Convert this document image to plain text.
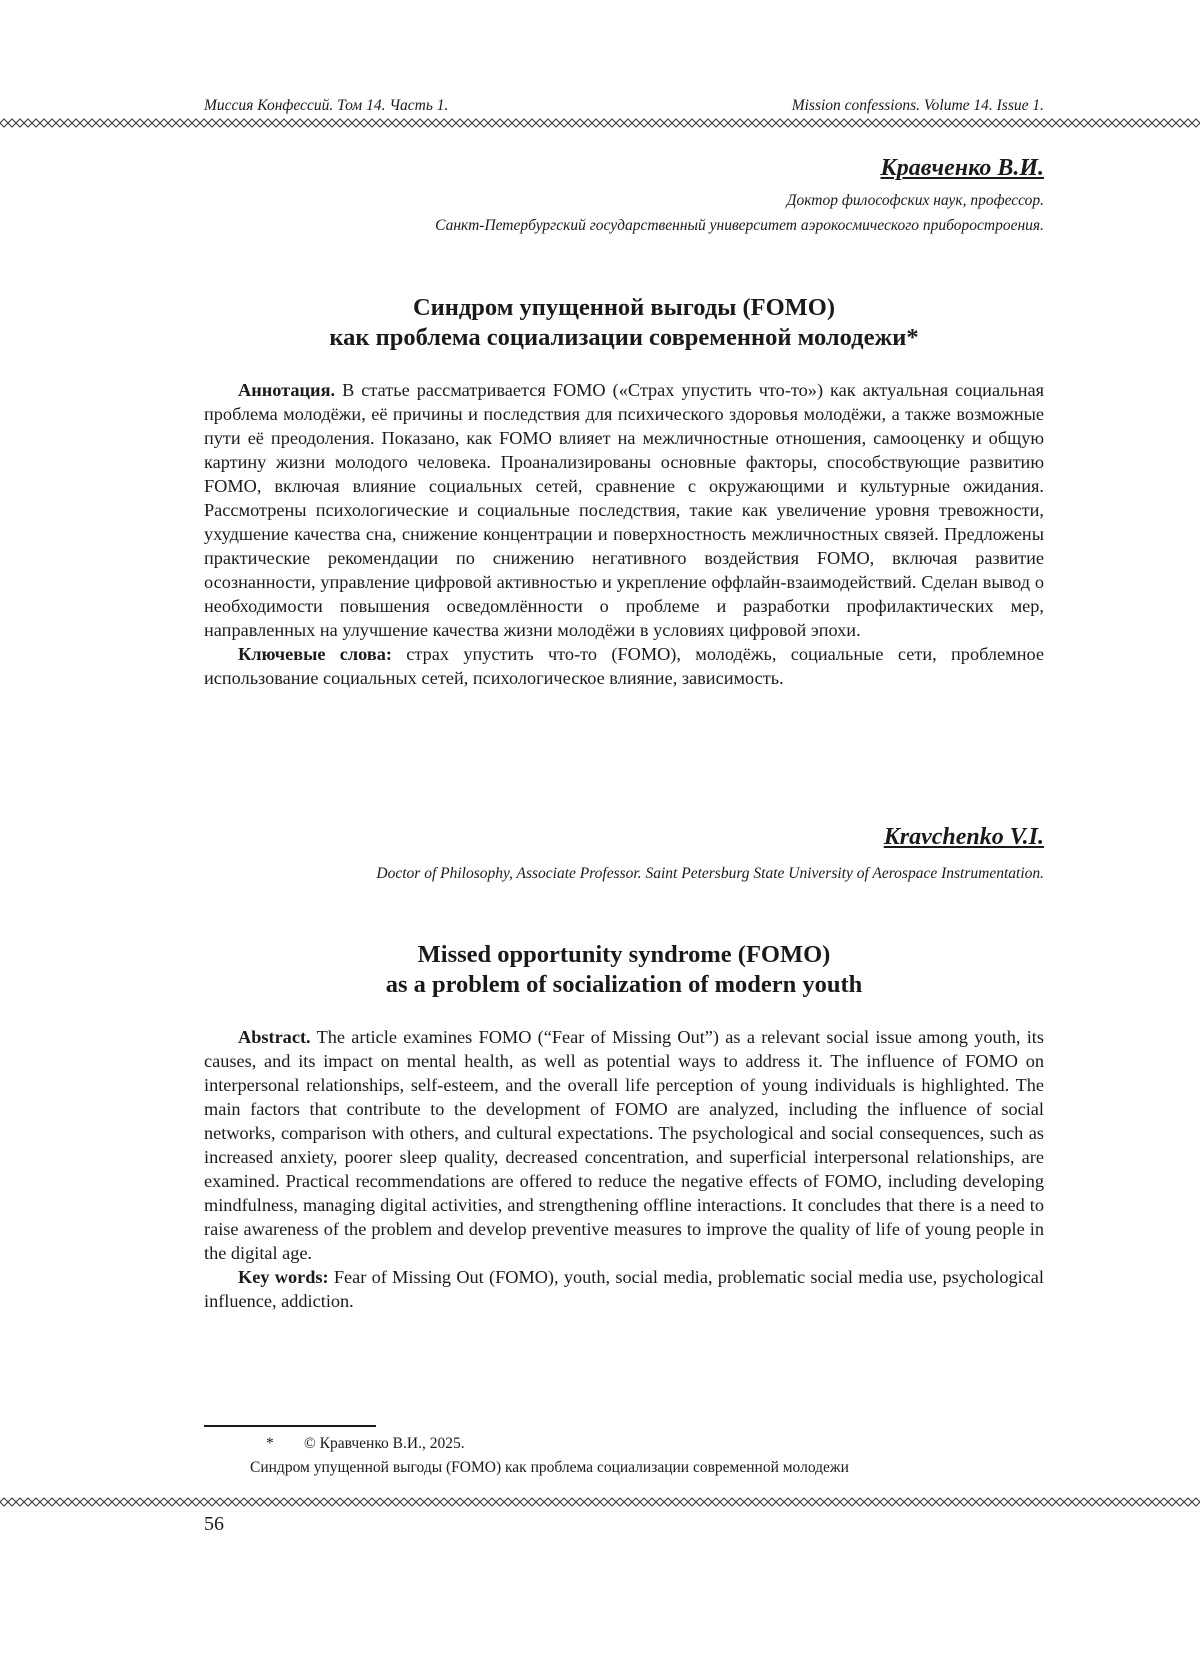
Миссия Конфессий. Том 14. Часть 1.	Mission confessions. Volume 14. Issue 1.
Кравченко В.И.
Доктор философских наук, профессор.
Санкт-Петербургский государственный университет аэрокосмического приборостроения.
Синдром упущенной выгоды (FOMO)
как проблема социализации современной молодежи*

Аннотация. В статье рассматривается FOMO («Страх упустить что-то») как актуальная социальная проблема молодёжи, её причины и последствия для психического здоровья молодёжи, а также возможные пути её преодоления. Показано, как FOMO влияет на межличностные отношения, самооценку и общую картину жизни молодого человека. Проанализированы основные факторы, способствующие развитию FOMO, включая влияние социальных сетей, сравнение с окружающими и культурные ожидания. Рассмотрены психологические и социальные последствия, такие как увеличение уровня тревожности, ухудшение качества сна, снижение концентрации и поверхностность межличностных связей. Предложены практические рекомендации по снижению негативного воздействия FOMO, включая развитие осознанности, управление цифровой активностью и укрепление оффлайн-взаимодействий. Сделан вывод о необходимости повышения осведомлённости о проблеме и разработки профилактических мер, направленных на улучшение качества жизни молодёжи в условиях цифровой эпохи.

Ключевые слова: страх упустить что-то (FOMO), молодёжь, социальные сети, проблемное использование социальных сетей, психологическое влияние, зависимость.

Kravchenko V.I.
Doctor of Philosophy, Associate Professor. Saint Petersburg State University of Aerospace Instrumentation.
Missed opportunity syndrome (FOMO)
as a problem of socialization of modern youth

Abstract. The article examines FOMO (“Fear of Missing Out”) as a relevant social issue among youth, its causes, and its impact on mental health, as well as potential ways to address it. The influence of FOMO on interpersonal relationships, self-esteem, and the overall life perception of young individuals is highlighted. The main factors that contribute to the development of FOMO are analyzed, including the influence of social networks, comparison with others, and cultural expectations. The psychological and social consequences, such as increased anxiety, poorer sleep quality, decreased concentration, and superficial interpersonal relationships, are examined. Practical recommendations are offered to reduce the negative effects of FOMO, including developing mindfulness, managing digital activities, and strengthening offline interactions. It concludes that there is a need to raise awareness of the problem and develop preventive measures to improve the quality of life of young people in the digital age.

Key words: Fear of Missing Out (FOMO), youth, social media, problematic social media use, psychological influence, addiction.

* © Кравченко В.И., 2025.
Синдром упущенной выгоды (FOMO) как проблема социализации современной молодежи
56
